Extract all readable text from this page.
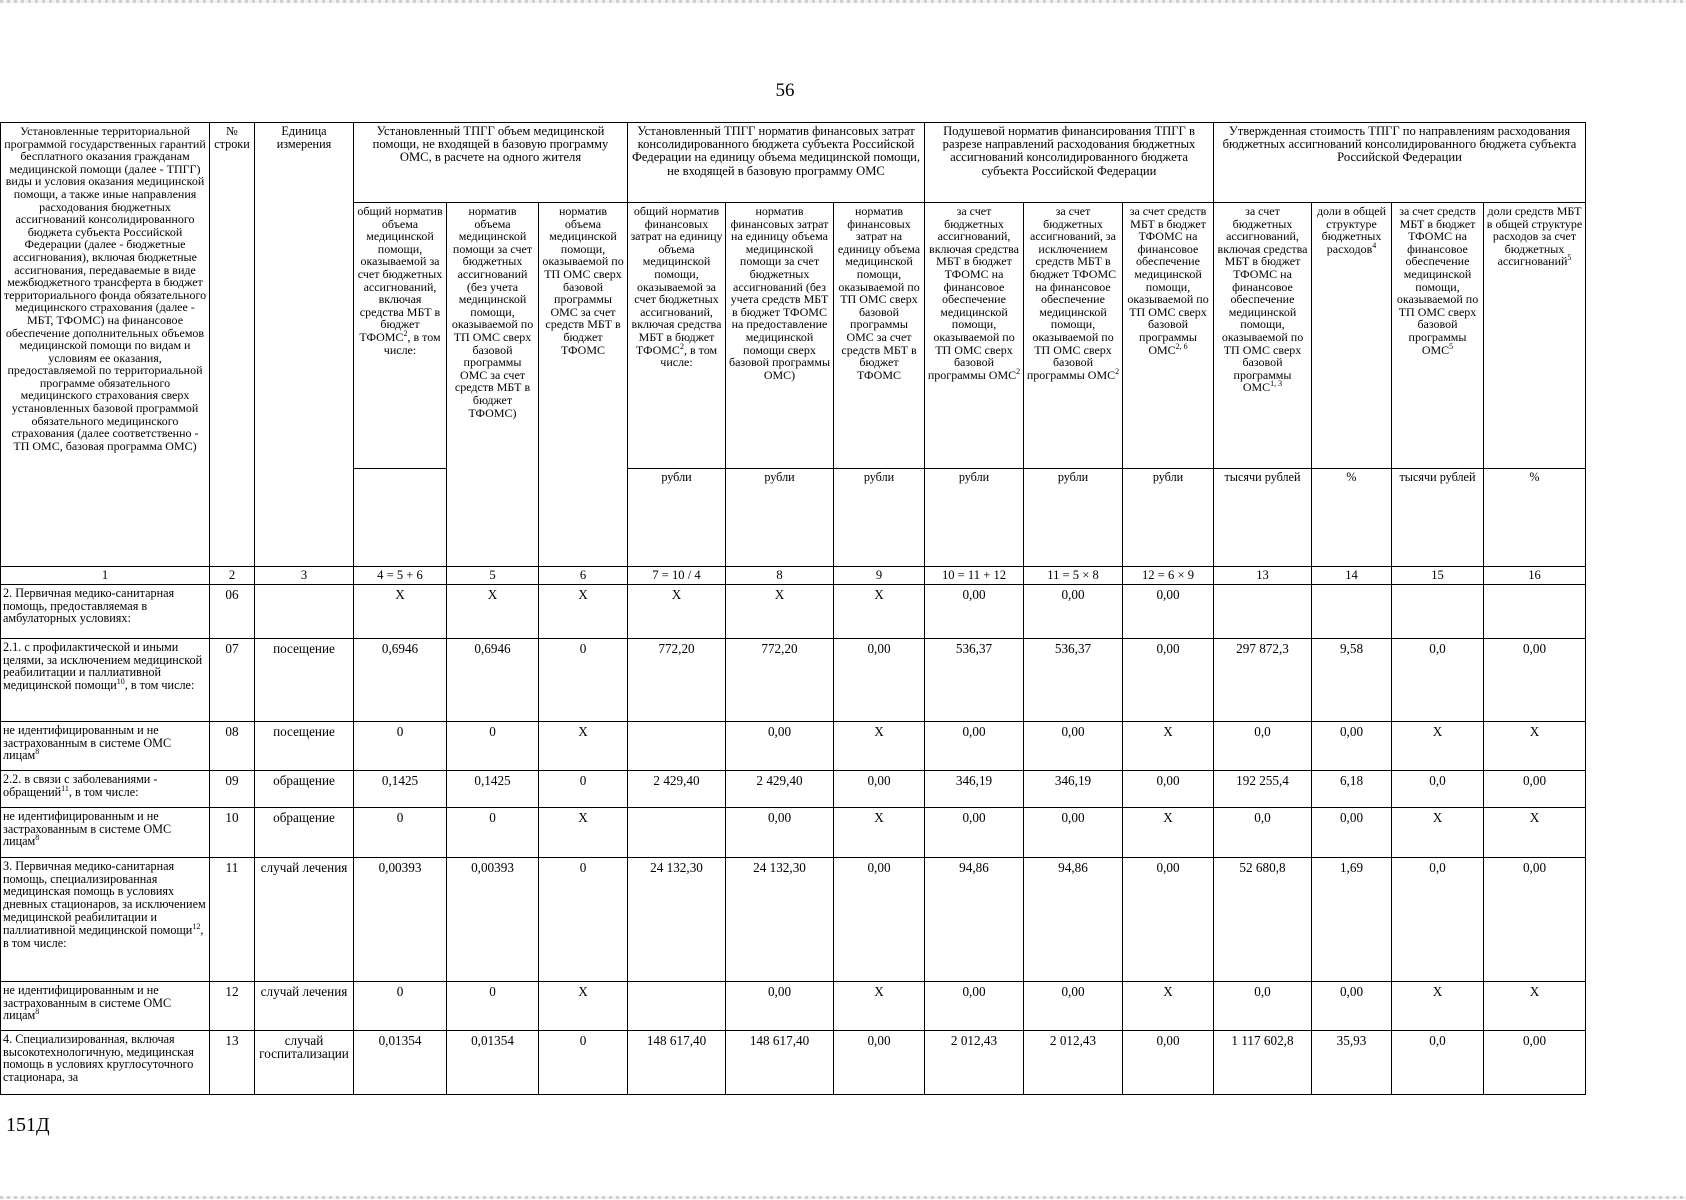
56
Установленные территориальной программой государственных гарантий бесплатного оказания гражданам медицинской помощи (далее - ТПГГ) виды и условия оказания медицинской помощи, а также иные направления расходования бюджетных ассигнований консолидированного бюджета субъекта Российской Федерации (далее - бюджетные ассигнования), включая бюджетные ассигнования, передаваемые в виде межбюджетного трансферта в бюджет территориального фонда обязательного медицинского страхования (далее - МБТ, ТФОМС) на финансовое обеспечение дополнительных объемов медицинской помощи по видам и условиям ее оказания, предоставляемой по территориальной программе обязательного медицинского страхования сверх установленных базовой программой обязательного медицинского страхования (далее соответственно - ТП ОМС, базовая программа ОМС)	№ строки	Единица измерения	Установленный ТПГГ объем медицинской помощи, не входящей в базовую программу ОМС, в расчете на одного жителя			Установленный ТПГГ норматив финансовых затрат консолидированного бюджета субъекта Российской Федерации на единицу объема медицинской помощи, не входящей в базовую программу ОМС			Подушевой норматив финансирования ТПГГ в разрезе направлений расходования бюджетных ассигнований консолидированного бюджета субъекта Российской Федерации			Утвержденная стоимость ТПГГ по направлениям расходования бюджетных ассигнований консолидированного бюджета субъекта Российской Федерации			
			общий норматив объема медицинской помощи, оказываемой за счет бюджетных ассигнований, включая средства МБТ в бюджет ТФОМС$^2$, в том числе:	норматив объема медицинской помощи за счет бюджетных ассигнований (без учета медицинской помощи, оказываемой по ТП ОМС сверх базовой программы ОМС за счет средств МБТ в бюджет ТФОМС)	норматив объема медицинской помощи, оказываемой по ТП ОМС сверх базовой программы ОМС за счет средств МБТ в бюджет ТФОМС	общий норматив финансовых затрат на единицу объема медицинской помощи, оказываемой за счет бюджетных ассигнований, включая средства МБТ в бюджет ТФОМС$^2$, в том числе:	норматив финансовых затрат на единицу объема медицинской помощи за счет бюджетных ассигнований (без учета средств МБТ в бюджет ТФОМС на предоставление медицинской помощи сверх базовой программы ОМС)	норматив финансовых затрат на единицу объема медицинской помощи, оказываемой по ТП ОМС сверх базовой программы ОМС за счет средств МБТ в бюджет ТФОМС	за счет бюджетных ассигнований, включая средства МБТ в бюджет ТФОМС на финансовое обеспечение медицинской помощи, оказываемой по ТП ОМС сверх базовой программы ОМС$^2$	за счет бюджетных ассигнований, за исключением средств МБТ в бюджет ТФОМС на финансовое обеспечение медицинской помощи, оказываемой по ТП ОМС сверх базовой программы ОМС$^2$	за счет средств МБТ в бюджет ТФОМС на финансовое обеспечение медицинской помощи, оказываемой по ТП ОМС сверх базовой программы ОМС$^{2, 6}$	за счет бюджетных ассигнований, включая средства МБТ в бюджет ТФОМС на финансовое обеспечение медицинской помощи, оказываемой по ТП ОМС сверх базовой программы ОМС$^{1, 3}$	доли в общей структуре бюджетных расходов$^4$	за счет средств МБТ в бюджет ТФОМС на финансовое обеспечение медицинской помощи, оказываемой по ТП ОМС сверх базовой программы ОМС$^5$	доли средств МБТ в общей структуре расходов за счет бюджетных ассигнований$^5$
						рубли	рубли	рубли	рубли	рубли	рубли	тысячи рублей	%	тысячи рублей	%
1	2	3	4 = 5 + 6	5	6	7 = 10 / 4	8	9	10 = 11 + 12	11 = 5 × 8	12 = 6 × 9	13	14	15	16
2. Первичная медико-санитарная помощь, предоставляемая в амбулаторных условиях:	06		X	X	X	X	X	X	0,00	0,00	0,00				
2.1. с профилактической и иными целями, за исключением медицинской реабилитации и паллиативной медицинской помощи$^{10}$, в том числе:	07	посещение	0,6946	0,6946	0	772,20	772,20	0,00	536,37	536,37	0,00	297 872,3	9,58	0,0	0,00
не идентифицированным и не застрахованным в системе ОМС лицам$^8$	08	посещение	0	0	X		0,00	X	0,00	0,00	X	0,0	0,00	X	X
2.2. в связи с заболеваниями - обращений$^{11}$, в том числе:	09	обращение	0,1425	0,1425	0	2 429,40	2 429,40	0,00	346,19	346,19	0,00	192 255,4	6,18	0,0	0,00
не идентифицированным и не застрахованным в системе ОМС лицам$^8$	10	обращение	0	0	X		0,00	X	0,00	0,00	X	0,0	0,00	X	X
3. Первичная медико-санитарная помощь, специализированная медицинская помощь в условиях дневных стационаров, за исключением медицинской реабилитации и паллиативной медицинской помощи$^{12}$, в том числе:	11	случай лечения	0,00393	0,00393	0	24 132,30	24 132,30	0,00	94,86	94,86	0,00	52 680,8	1,69	0,0	0,00
не идентифицированным и не застрахованным в системе ОМС лицам$^8$	12	случай лечения	0	0	X		0,00	X	0,00	0,00	X	0,0	0,00	X	X
4. Специализированная, включая высокотехнологичную, медицинская помощь в условиях круглосуточного стационара, за	13	случай госпитализации	0,01354	0,01354	0	148 617,40	148 617,40	0,00	2 012,43	2 012,43	0,00	1 117 602,8	35,93	0,0	0,00
151Д
